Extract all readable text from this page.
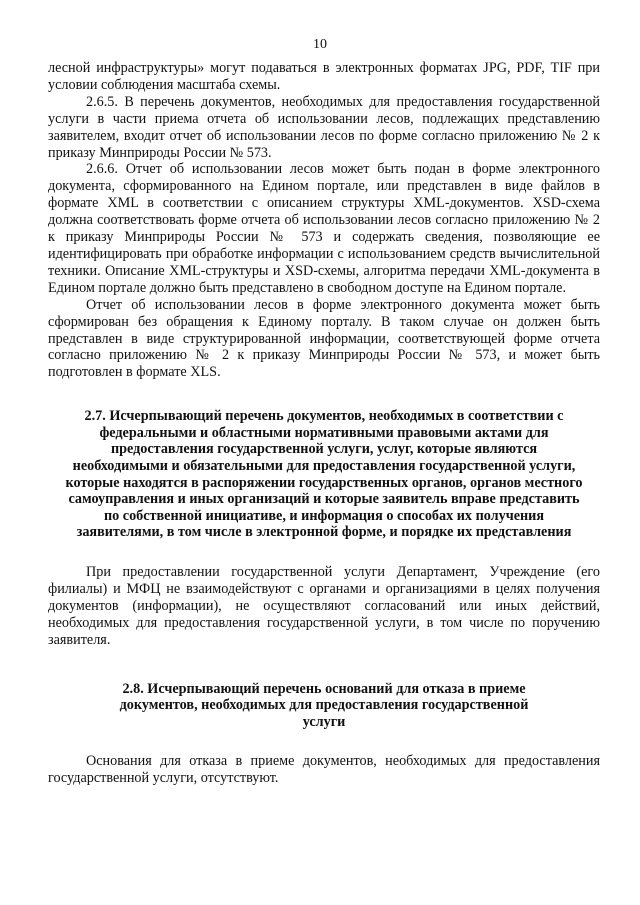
10

лесной инфраструктуры» могут подаваться в электронных форматах JPG, PDF, TIF при условии соблюдения масштаба схемы.

2.6.5. В перечень документов, необходимых для предоставления государственной услуги в части приема отчета об использовании лесов, подлежащих представлению заявителем, входит отчет об использовании лесов по форме согласно приложению № 2 к приказу Минприроды России № 573.

2.6.6. Отчет об использовании лесов может быть подан в форме электронного документа, сформированного на Едином портале, или представлен в виде файлов в формате XML в соответствии с описанием структуры XML-документов. XSD-схема должна соответствовать форме отчета об использовании лесов согласно приложению № 2 к приказу Минприроды России № 573 и содержать сведения, позволяющие ее идентифицировать при обработке информации с использованием средств вычислительной техники. Описание XML-структуры и XSD-схемы, алгоритма передачи XML-документа в Едином портале должно быть представлено в свободном доступе на Едином портале.

Отчет об использовании лесов в форме электронного документа может быть сформирован без обращения к Единому порталу. В таком случае он должен быть представлен в виде структурированной информации, соответствующей форме отчета согласно приложению № 2 к приказу Минприроды России № 573, и может быть подготовлен в формате XLS.

2.7. Исчерпывающий перечень документов, необходимых в соответствии с федеральными и областными нормативными правовыми актами для предоставления государственной услуги, услуг, которые являются необходимыми и обязательными для предоставления государственной услуги, которые находятся в распоряжении государственных органов, органов местного самоуправления и иных организаций и которые заявитель вправе представить по собственной инициативе, и информация о способах их получения заявителями, в том числе в электронной форме, и порядке их представления

При предоставлении государственной услуги Департамент, Учреждение (его филиалы) и МФЦ не взаимодействуют с органами и организациями в целях получения документов (информации), не осуществляют согласований или иных действий, необходимых для предоставления государственной услуги, в том числе по поручению заявителя.

2.8. Исчерпывающий перечень оснований для отказа в приеме документов, необходимых для предоставления государственной услуги

Основания для отказа в приеме документов, необходимых для предоставления государственной услуги, отсутствуют.
